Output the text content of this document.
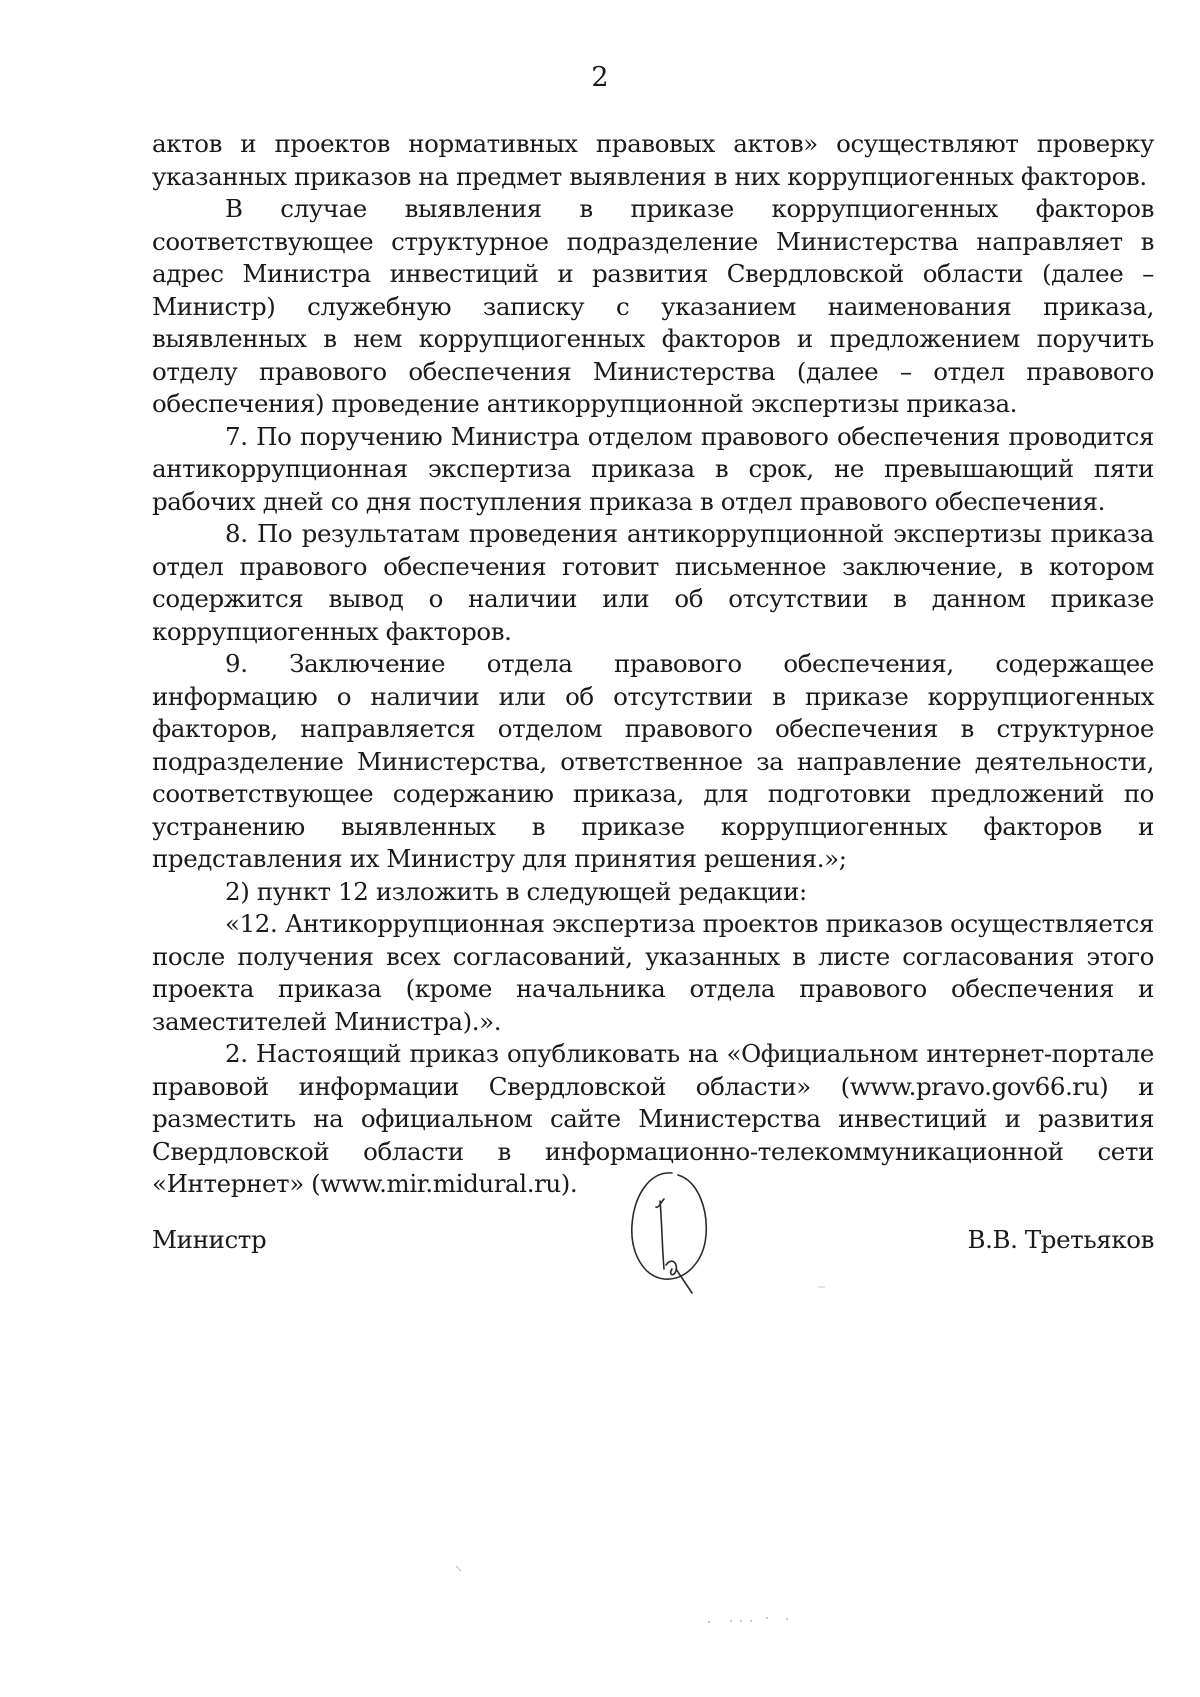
2

актов и проектов нормативных правовых актов» осуществляют проверку указанных приказов на предмет выявления в них коррупциогенных факторов.

В случае выявления в приказе коррупциогенных факторов соответствующее структурное подразделение Министерства направляет в адрес Министра инвестиций и развития Свердловской области (далее – Министр) служебную записку с указанием наименования приказа, выявленных в нем коррупциогенных факторов и предложением поручить отделу правового обеспечения Министерства (далее – отдел правового обеспечения) проведение антикоррупционной экспертизы приказа.

7. По поручению Министра отделом правового обеспечения проводится антикоррупционная экспертиза приказа в срок, не превышающий пяти рабочих дней со дня поступления приказа в отдел правового обеспечения.

8. По результатам проведения антикоррупционной экспертизы приказа отдел правового обеспечения готовит письменное заключение, в котором содержится вывод о наличии или об отсутствии в данном приказе коррупциогенных факторов.

9. Заключение отдела правового обеспечения, содержащее информацию о наличии или об отсутствии в приказе коррупциогенных факторов, направляется отделом правового обеспечения в структурное подразделение Министерства, ответственное за направление деятельности, соответствующее содержанию приказа, для подготовки предложений по устранению выявленных в приказе коррупциогенных факторов и представления их Министру для принятия решения.»;

2) пункт 12 изложить в следующей редакции:

«12. Антикоррупционная экспертиза проектов приказов осуществляется после получения всех согласований, указанных в листе согласования этого проекта приказа (кроме начальника отдела правового обеспечения и заместителей Министра).».

2. Настоящий приказ опубликовать на «Официальном интернет-портале правовой информации Свердловской области» (www.pravo.gov66.ru) и разместить на официальном сайте Министерства инвестиций и развития Свердловской области в информационно-телекоммуникационной сети «Интернет» (www.mir.midural.ru).

Министр	В.В. Третьяков
